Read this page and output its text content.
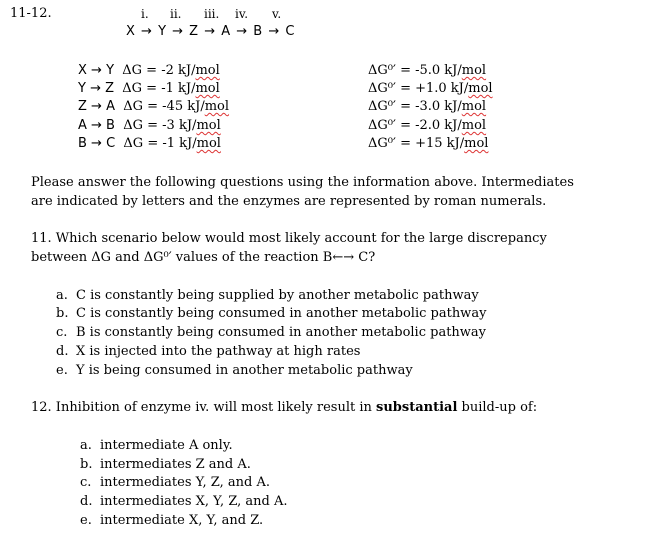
11-12.	i. ii. iii. iv. v.
X → Y → Z → A → B → C
X → Y ΔG = -2 kJ/mol
Y → Z ΔG = -1 kJ/mol
Z → A ΔG = -45 kJ/mol
A → B ΔG = -3 kJ/mol
B → C ΔG = -1 kJ/mol
ΔG⁰′ = -5.0 kJ/mol
ΔG⁰′ = +1.0 kJ/mol
ΔG⁰′ = -3.0 kJ/mol
ΔG⁰′ = -2.0 kJ/mol
ΔG⁰′ = +15 kJ/mol
Please answer the following questions using the information above. Intermediates
are indicated by letters and the enzymes are represented by roman numerals.
11. Which scenario below would most likely account for the large discrepancy
between ΔG and ΔG⁰′ values of the reaction B←→ C?
a. C is constantly being supplied by another metabolic pathway
b. C is constantly being consumed in another metabolic pathway
c. B is constantly being consumed in another metabolic pathway
d. X is injected into the pathway at high rates
e. Y is being consumed in another metabolic pathway
12. Inhibition of enzyme iv. will most likely result in substantial build-up of:
a. intermediate A only.
b. intermediates Z and A.
c. intermediates Y, Z, and A.
d. intermediates X, Y, Z, and A.
e. intermediate X, Y, and Z.
